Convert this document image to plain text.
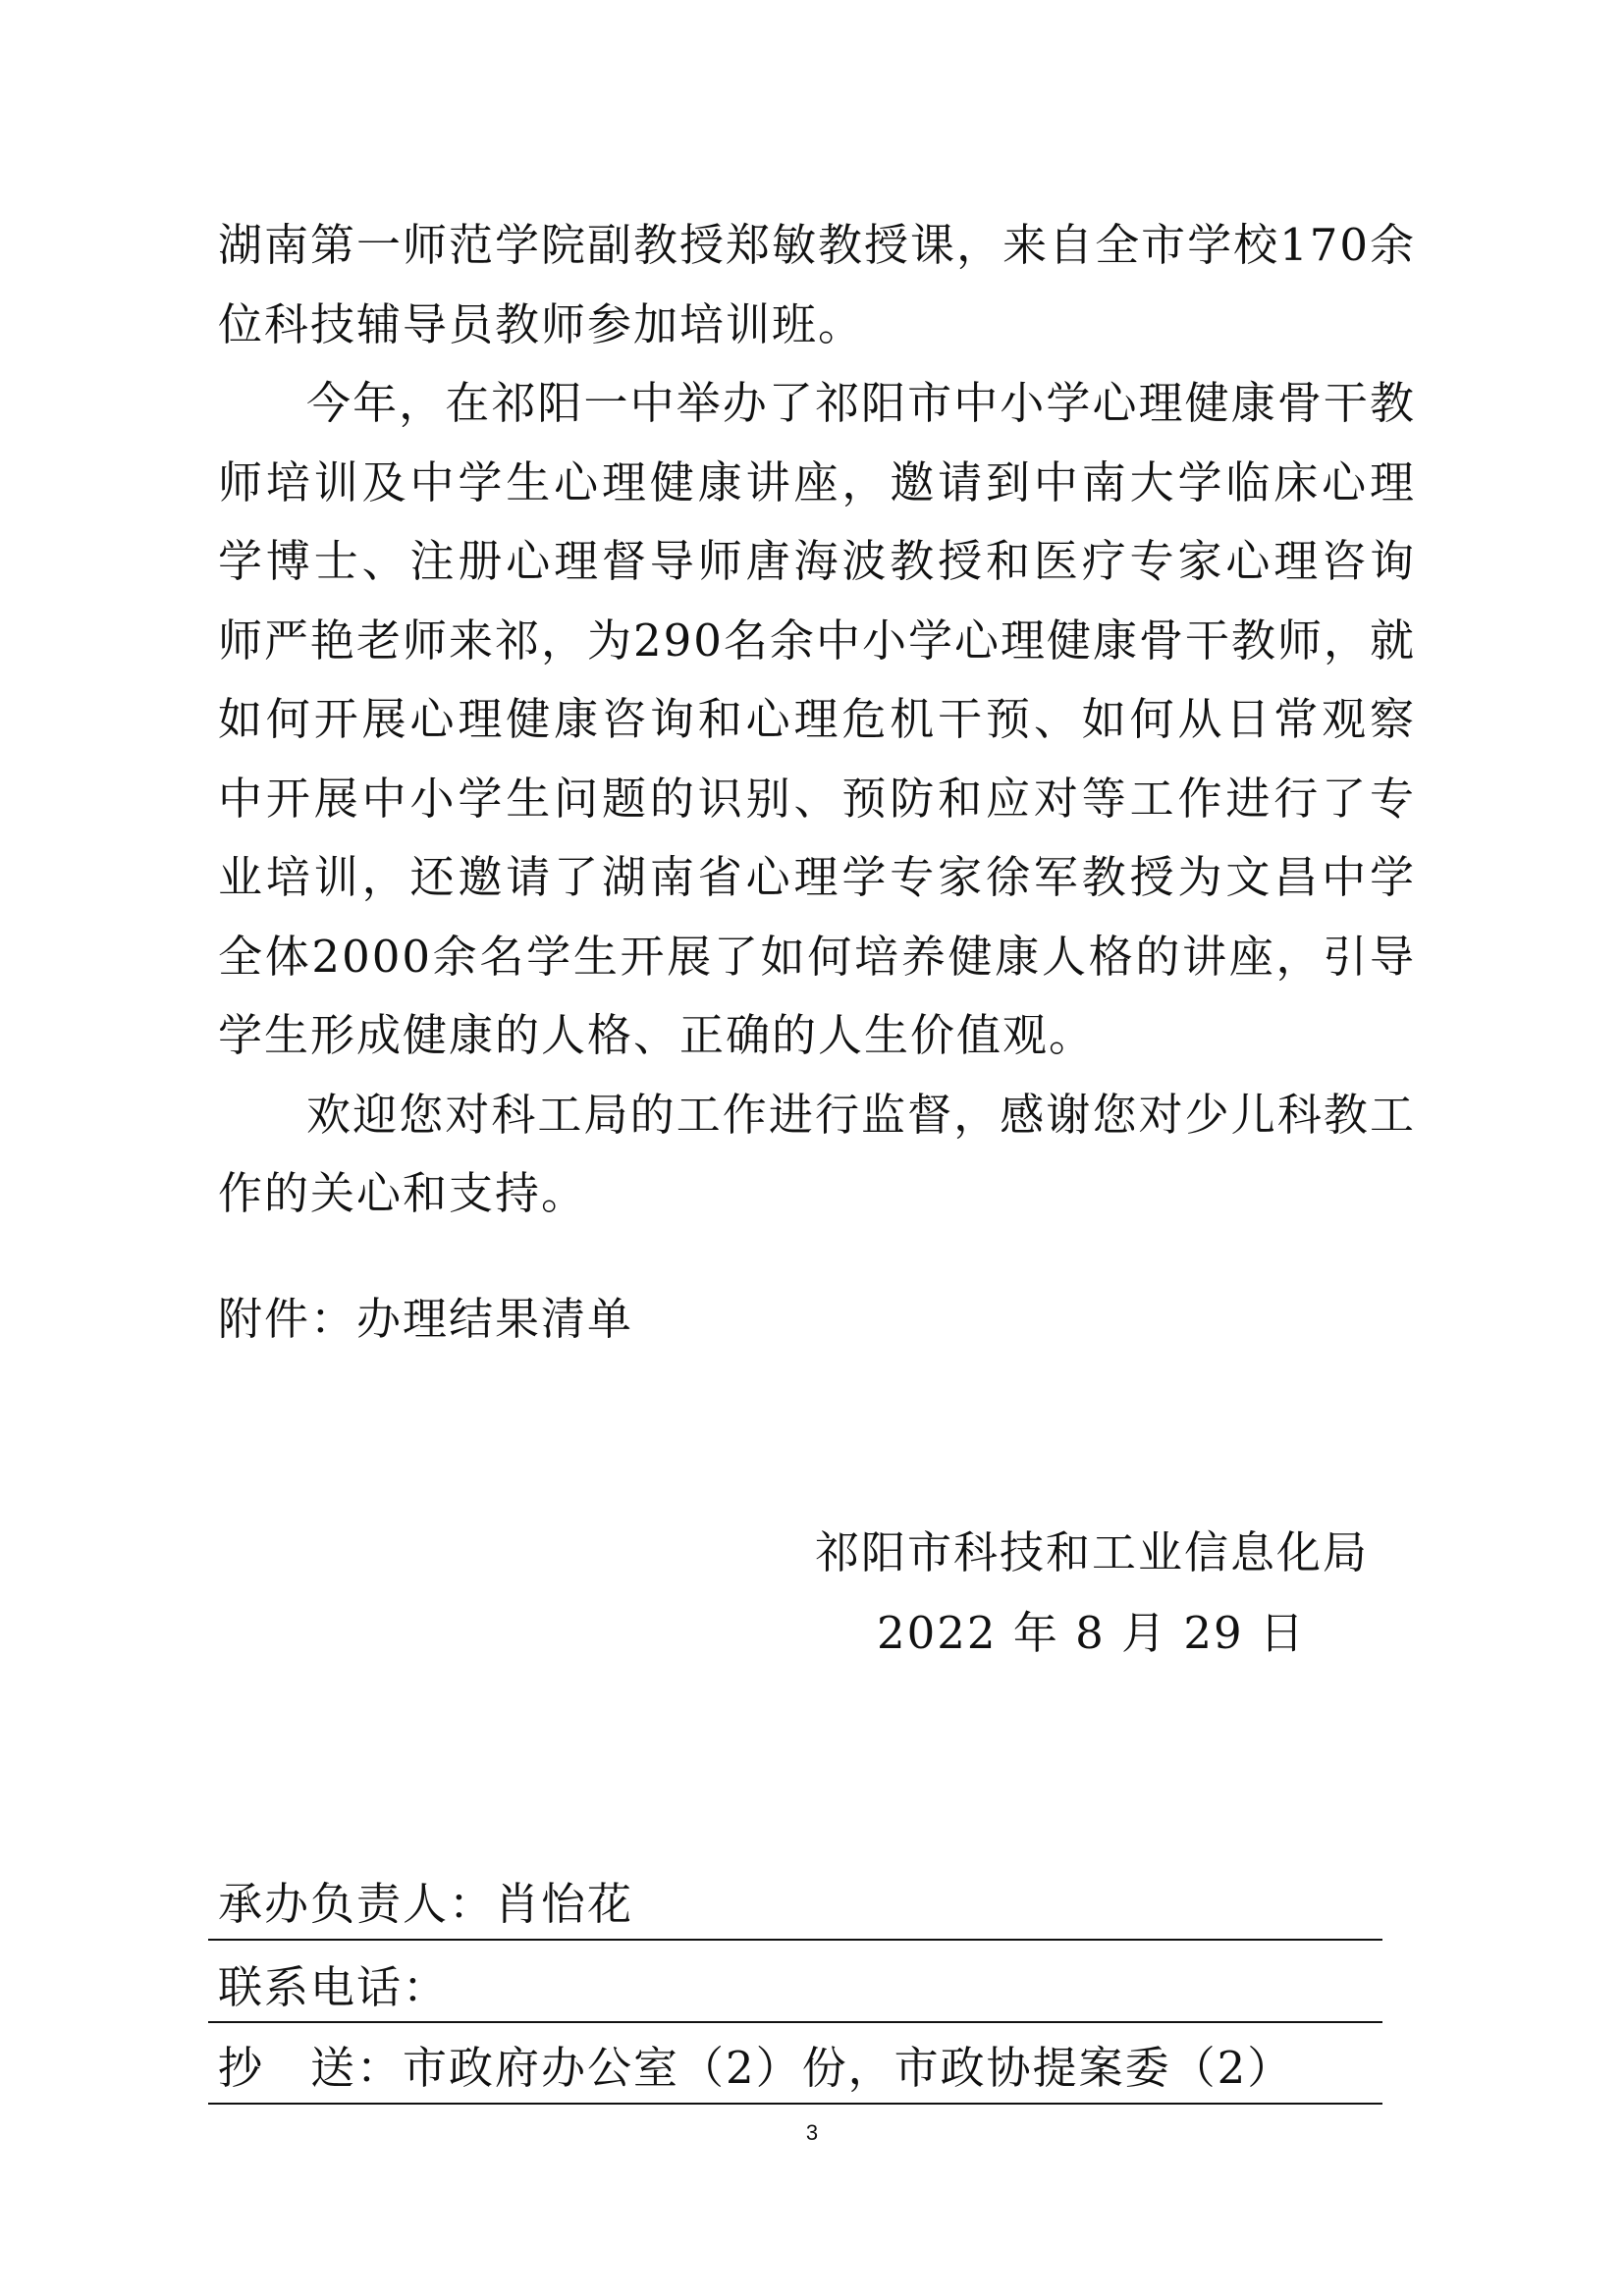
湖南第一师范学院副教授郑敏教授课，来自全市学校170余位科技辅导员教师参加培训班。

今年，在祁阳一中举办了祁阳市中小学心理健康骨干教师培训及中学生心理健康讲座，邀请到中南大学临床心理学博士、注册心理督导师唐海波教授和医疗专家心理咨询师严艳老师来祁，为290名余中小学心理健康骨干教师，就如何开展心理健康咨询和心理危机干预、如何从日常观察中开展中小学生问题的识别、预防和应对等工作进行了专业培训，还邀请了湖南省心理学专家徐军教授为文昌中学全体2000余名学生开展了如何培养健康人格的讲座，引导学生形成健康的人格、正确的人生价值观。

欢迎您对科工局的工作进行监督，感谢您对少儿科教工作的关心和支持。

附件：办理结果清单
祁阳市科技和工业信息化局
2022 年 8 月 29 日
承办负责人：肖怡花
联系电话：
抄　送：市政府办公室（2）份，市政协提案委（2）
3
